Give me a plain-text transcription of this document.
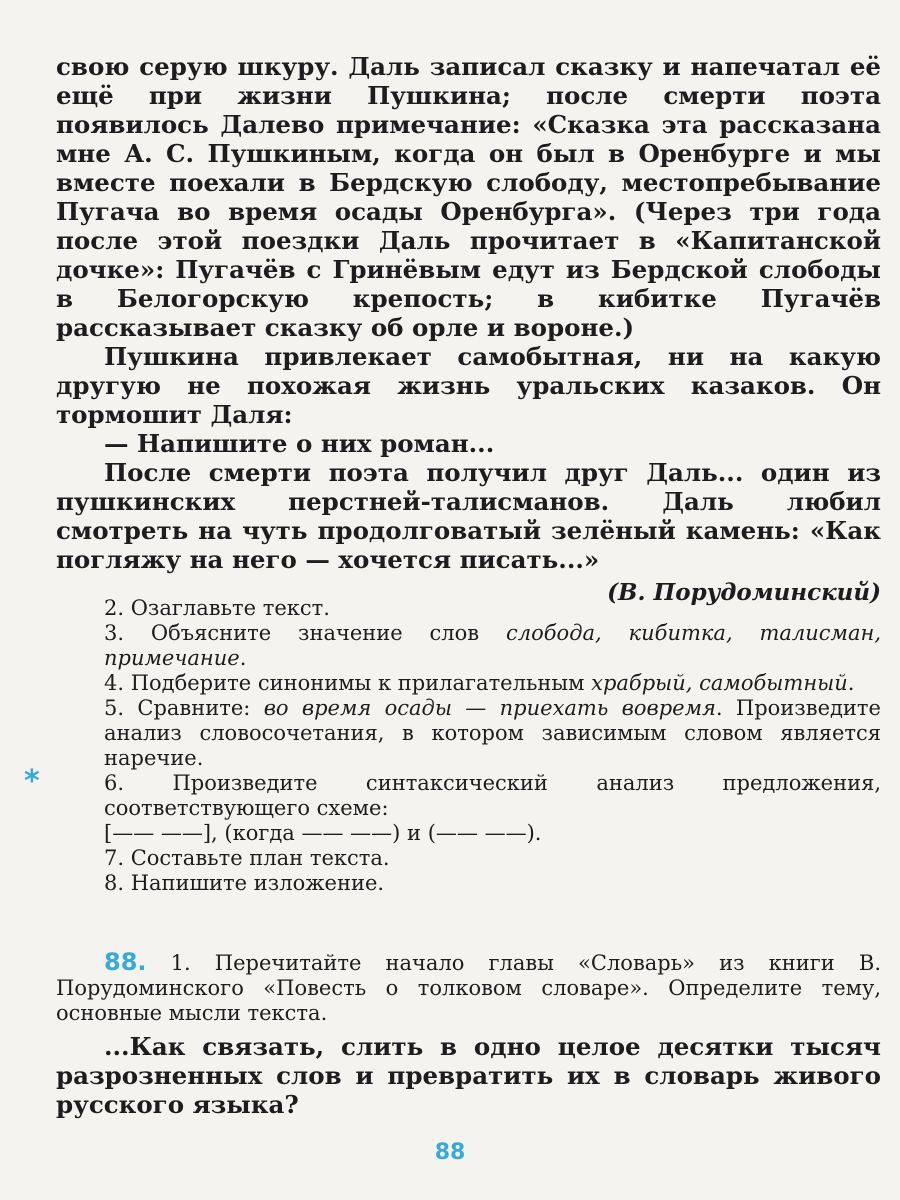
свою серую шкуру. Даль записал сказку и напечатал её ещё при жизни Пушкина; после смерти поэта появилось Далево примечание: «Сказка эта рассказана мне А. С. Пушкиным, когда он был в Оренбурге и мы вместе поехали в Бердскую слободу, местопребывание Пугача во время осады Оренбурга». (Через три года после этой поездки Даль прочитает в «Капитанской дочке»: Пугачёв с Гринёвым едут из Бердской слободы в Белогорскую крепость; в кибитке Пугачёв рассказывает сказку об орле и вороне.)

Пушкина привлекает самобытная, ни на какую другую не похожая жизнь уральских казаков. Он тормошит Даля:

— Напишите о них роман...

После смерти поэта получил друг Даль... один из пушкинских перстней-талисманов. Даль любил смотреть на чуть продолговатый зелёный камень: «Как погляжу на него — хочется писать...»

(В. Порудоминский)
2. Озаглавьте текст.
3. Объясните значение слов слобода, кибитка, талисман, примечание.
4. Подберите синонимы к прилагательным храбрый, самобытный.
5. Сравните: во время осады — приехать вовремя. Произведите анализ словосочетания, в котором зависимым словом является наречие.
*	6. Произведите синтаксический анализ предложения, соответствующего схеме:
[—— ——], (когда —— ——) и (—— ——).
7. Составьте план текста.
8. Напишите изложение.
88. 1. Перечитайте начало главы «Словарь» из книги В. Порудоминского «Повесть о толковом словаре». Определите тему, основные мысли текста.
...Как связать, слить в одно целое десятки тысяч разрозненных слов и превратить их в словарь живого русского языка?
88
